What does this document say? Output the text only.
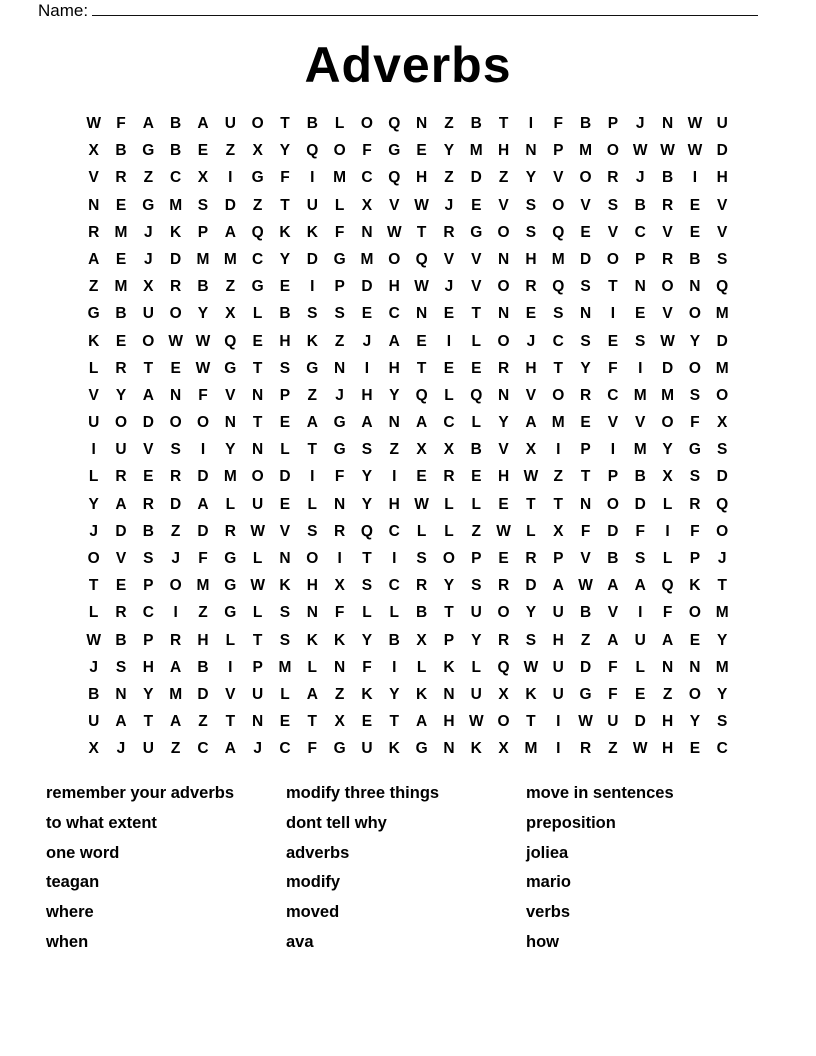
Name:
Adverbs
W F	A	B	A	U	O	T	B	L	O Q	N	Z	B	T	I	F	B	P	J	N W U
X	B	G	B	E	Z	X	Y	Q O	F	G	E	Y	M H	N	P	M O W W W D
V	R	Z	C	X	I	G	F	I	M C	Q	H	Z	D	Z	Y	V	O	R	J	B	I	H
N	E	G M	S	D	Z	T	U	L	X	V W	J	E	V	S	O	V	S	B	R	E	V
R M	J	K	P	A	Q	K	K	F	N W T	R	G O	S	Q	E	V	C	V	E	V
A	E	J	D M M C	Y	D	G M O Q	V	V	N	H M D	O	P	R	B	S
Z	M	X	R	B	Z	G	E	I	P	D	H W	J	V	O	R	Q	S	T	N	O	N	Q
G	B	U	O	Y	X	L	B	S	S	E	C	N	E	T	N	E	S	N	I	E	V	O M
K	E	O W W Q	E	H	K	Z	J	A	E	I	L	O	J	C	S	E	S W Y	D
L	R	T	E W G	T	S	G	N	I	H	T	E	E	R	H	T	Y	F	I	D	O M
V	Y	A	N	F	V	N	P	Z	J	H	Y	Q	L	Q	N	V	O	R	C M M	S	O
U	O	D	O O	N	T	E	A	G	A	N	A	C	L	Y	A M	E	V	V	O	F	X
I	U	V	S	I	Y	N	L	T	G	S	Z	X	X	B	V	X	I	P	I	M	Y	G	S
L	R	E	R	D M O	D	I	F	Y	I	E	R	E	H W Z	T	P	B	X	S	D
Y	A	R	D	A	L	U	E	L	N	Y	H W L	L	E	T	T	N	O	D	L	R	Q
J	D	B	Z	D	R W V	S	R	Q	C	L	L	Z W L	X	F	D	F	I	F	O
O	V	S	J	F	G	L	N	O	I	T	I	S	O	P	E	R	P	V	B	S	L	P	J
T	E	P	O M G W K	H	X	S	C	R	Y	S	R	D	A W A	A	Q	K	T
L	R	C	I	Z	G	L	S	N	F	L	L	B	T	U	O	Y	U	B	V	I	F	O M
W B	P	R	H	L	T	S	K	K	Y	B	X	P	Y	R	S	H	Z	A	U	A	E	Y
J	S	H	A	B	I	P	M	L	N	F	I	L	K	L	Q W U	D	F	L	N	N M
B	N	Y	M D	V	U	L	A	Z	K	Y	K	N	U	X	K	U	G	F	E	Z	O	Y
U	A	T	A	Z	T	N	E	T	X	E	T	A	H W O	T	I	W U	D	H	Y	S
X	J	U	Z	C	A	J	C	F	G	U	K	G	N	K	X	M	I	R	Z W H	E	C
remember your adverbs	modify three things	move in sentences
to what extent	dont tell why	preposition
one word	adverbs	joliea
teagan	modify	mario
where	moved	verbs
when	ava	how
